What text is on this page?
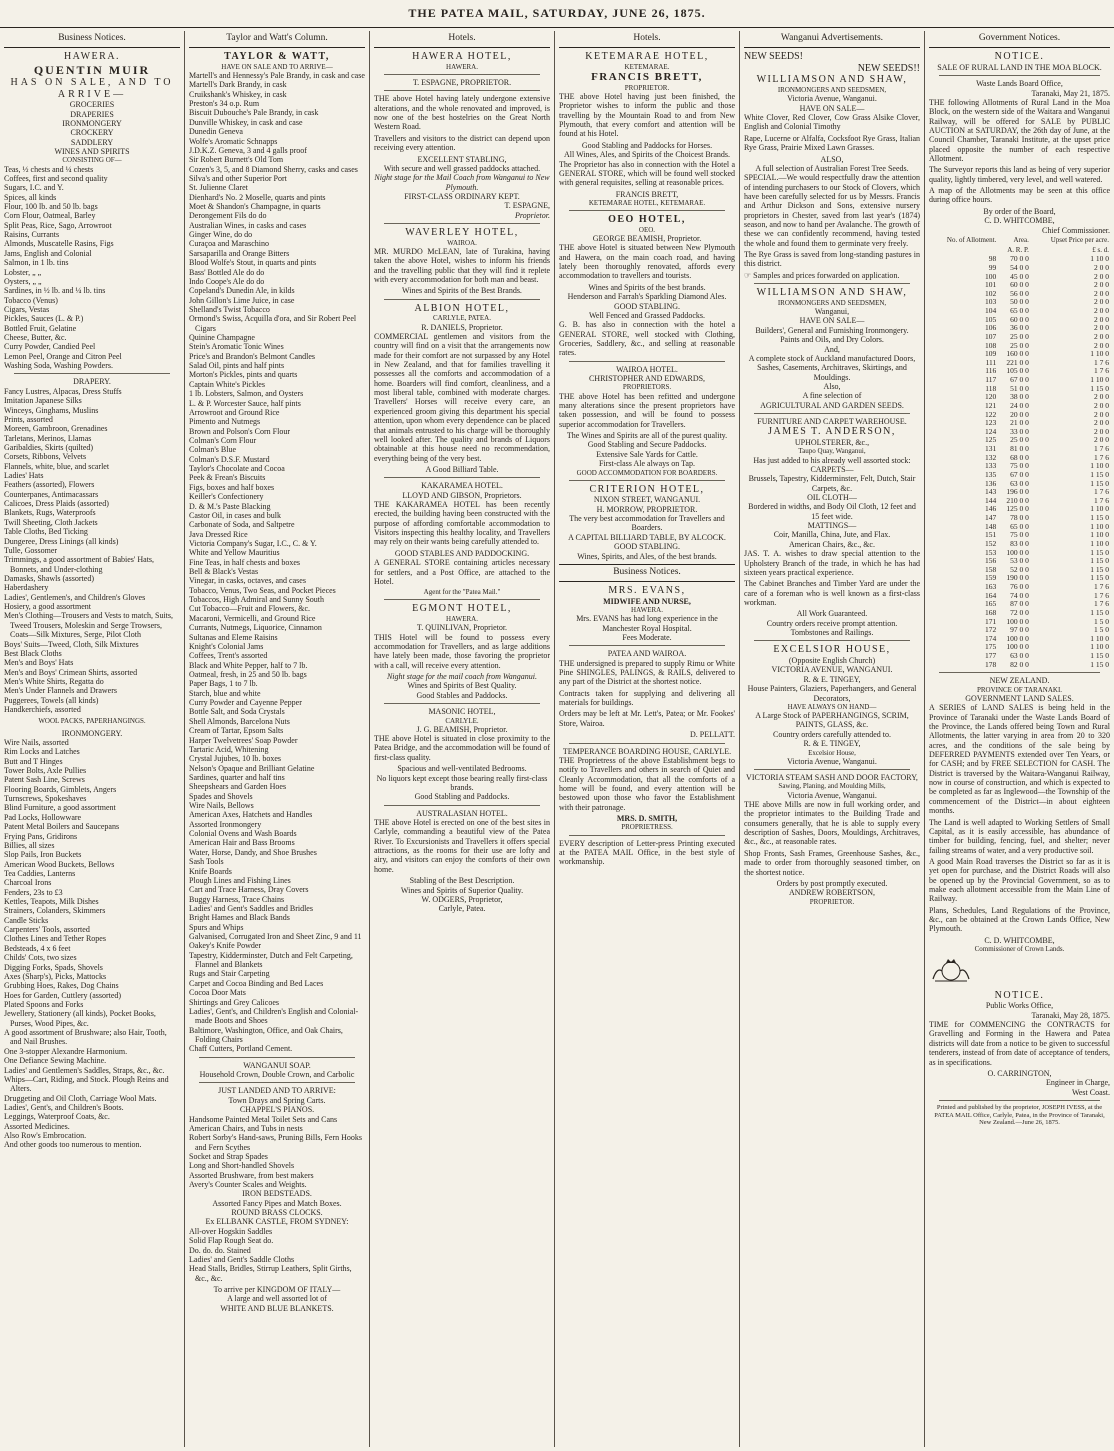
THE PATEA MAIL, SATURDAY, JUNE 26, 1875.
Business Notices.
HAWERA.
QUENTIN MUIR
HAS ON SALE, AND TO ARRIVE—
GROCERIES
DRAPERIES
IRONMONGERY
CROCKERY
SADDLERY
WINES AND SPIRITS
CONSISTING OF—
Teas, ½ chests and ¼ chests
Coffees, first and second quality
Sugars, I.C. and Y.
Spices, all kinds
Flour, 100 lb. and 50 lb. bags
Corn Flour, Oatmeal, Barley
Split Peas, Rice, Sago, Arrowroot
Raisins, Currants
Almonds, Muscatelle Rasins, Figs
Jams, English and Colonial
Salmon, in 1 lb. tins
Lobster, „ „
Oysters, „ „
Sardines, in ½ lb. and ¼ lb. tins
Tobacco (Venus)
Cigars, Vestas
Pickles, Sauces (L. & P.)
Bottled Fruit, Gelatine
Cheese, Butter, &c.
Curry Powder, Candied Peel
Lemon Peel, Orange and Citron Peel
Washing Soda, Washing Powders.
DRAPERY.
Fancy Lustres, Alpacas, Dress Stuffs
Imitation Japanese Silks
Winceys, Ginghams, Muslins
Prints, assorted
Moreen, Gambroon, Grenadines
Tarletans, Merinos, Llamas
Garibaldies, Skirts (quilted)
Corsets, Ribbons, Velvets
Flannels, white, blue, and scarlet
Ladies' Hats
Feathers (assorted), Flowers
Counterpanes, Antimacassars
Calicoes, Dress Plaids (assorted)
Blankets, Rugs, Waterproofs
Twill Sheeting, Cloth Jackets
Table Cloths, Bed Ticking
Dungeree, Dress Linings (all kinds)
Tulle, Gossomer
Trimmings, a good assortment of Babies' Hats, Bonnets, and Under-clothing
Damasks, Shawls (assorted)
Haberdashery
Ladies', Gentlemen's, and Children's Gloves
Hosiery, a good assortment
Men's Clothing—Trousers and Vests to match, Suits, Tweed Trousers, Moleskin and Serge Trowsers, Coats—Silk Mixtures, Serge, Pilot Cloth
Boys' Suits—Tweed, Cloth, Silk Mixtures
Best Black Cloths
Men's and Boys' Hats
Men's and Boys' Crimean Shirts, assorted
Men's White Shirts, Regatta do
Men's Under Flannels and Drawers
Puggerees, Towels (all kinds)
Handkerchiefs, assorted
WOOL PACKS, PAPERHANGINGS.
IRONMONGERY.
Wire Nails, assorted
Rim Locks and Latches
Butt and T Hinges
Tower Bolts, Axle Pullies
Patent Sash Line, Screws
Flooring Boards, Gimblets, Angers
Turnscrews, Spokeshaves
Blind Furniture, a good assortment
Pad Locks, Hollowware
Patent Metal Boilers and Saucepans
Frying Pans, Gridirons
Billies, all sizes
Slop Pails, Iron Buckets
American Wood Buckets, Bellows
Tea Caddies, Lanterns
Charcoal Irons
Fenders, 23s to £3
Kettles, Teapots, Milk Dishes
Strainers, Colanders, Skimmers
Candle Sticks
Carpenters' Tools, assorted
Clothes Lines and Tether Ropes
Bedsteads, 4 x 6 feet
Childs' Cots, two sizes
Digging Forks, Spads, Shovels
Axes (Sharp's), Picks, Mattocks
Grubbing Hoes, Rakes, Dog Chains
Hoes for Garden, Cuttlery (assorted)
Plated Spoons and Forks
Jewellery, Stationery (all kinds), Pocket Books, Purses, Wood Pipes, &c.
A good assortment of Brushware; also Hair, Tooth, and Nail Brushes.
One 3-stopper Alexandre Harmonium.
One Defiance Sewing Machine.
Ladies' and Gentlemen's Saddles, Straps, &c., &c.
Whips—Cart, Riding, and Stock. Plough Reins and Alters.
Druggeting and Oil Cloth, Carriage Wool Mats.
Ladies', Gent's, and Children's Boots.
Leggings, Waterproof Coats, &c.
Assorted Medicines.
Also Row's Embrocation.
And other goods too numerous to mention.
Taylor and Watt's Column.
TAYLOR & WATT,
HAVE ON SALE AND TO ARRIVE—
Martell's and Hennessy's Pale Brandy, in cask and case
Martell's Dark Brandy, in cask
Cruikshank's Whiskey, in cask
Preston's 34 o.p. Rum
Biscuit Dubouche's Pale Brandy, in cask
Dunville Whiskey, in cask and case
Dunedin Geneva
Wolfe's Aromatic Schnapps
J.D.K.Z. Geneva, 3 and 4 galls proof
Sir Robert Burnett's Old Tom
Cozen's 3, 5, and 8 Diamond Sherry, casks and cases
Silva's and other Superior Port
St. Julienne Claret
Dienhard's No. 2 Moselle, quarts and pints
Moet & Shandon's Champagne, in quarts
Derongement Fils do do
Australian Wines, in casks and cases
Ginger Wine, do do
Curaçoa and Maraschino
Sarsaparilla and Orange Bitters
Blood Wolfe's Stout, in quarts and pints
Bass' Bottled Ale do do
Indo Coope's Ale do do
Copeland's Dunedin Ale, in kilds
John Gillon's Lime Juice, in case
Shelland's Twist Tobacco
Ormond's Swiss, Acquilla d'ora, and Sir Robert Peel Cigars
Quinine Champagne
Stein's Aromatic Tonic Wines
Price's and Brandon's Belmont Candles
Salad Oil, pints and half pints
Morton's Pickles, pints and quarts
Captain White's Pickles
1 lb. Lobsters, Salmon, and Oysters
L. & P. Worcester Sauce, half pints
Arrowroot and Ground Rice
Pimento and Nutmegs
Brown and Polson's Corn Flour
Colman's Corn Flour
Colman's Blue
Colman's D.S.F. Mustard
Taylor's Chocolate and Cocoa
Peek & Frean's Biscuits
Figs, boxes and half boxes
Keiller's Confectionery
D. & M.'s Paste Blacking
Castor Oil, in cases and bulk
Carbonate of Soda, and Saltpetre
Java Dressed Rice
Victoria Company's Sugar, I.C., C. & Y.
White and Yellow Mauritius
Fine Teas, in half chests and boxes
Bell & Black's Vestas
Vinegar, in casks, octaves, and cases
Tobacco, Venus, Two Seas, and Pocket Pieces
Tobaccos, High Admiral and Sunny South
Cut Tobacco—Fruit and Flowers, &c.
Macaroni, Vermicelli, and Ground Rice
Currants, Nutmegs, Liquorice, Cinnamon
Sultanas and Eleme Raisins
Knight's Colonial Jams
Coffees, Trent's assorted
Black and White Pepper, half to 7 lb.
Oatmeal, fresh, in 25 and 50 lb. bags
Paper Bags, 1 to 7 lb.
Starch, blue and white
Curry Powder and Cayenne Pepper
Bottle Salt, and Soda Crystals
Shell Almonds, Barcelona Nuts
Cream of Tartar, Epsom Salts
Harper Twelvetrees' Soap Powder
Tartaric Acid, Whitening
Crystal Jujubes, 10 lb. boxes
Nelson's Opaque and Brilliant Gelatine
Sardines, quarter and half tins
Sheepshears and Garden Hoes
Spades and Shovels
Wire Nails, Bellows
American Axes, Hatchets and Handles
Assorted Ironmongery
Colonial Ovens and Wash Boards
American Hair and Bass Brooms
Water, Horse, Dandy, and Shoe Brushes
Sash Tools
Knife Boards
Plough Lines and Fishing Lines
Cart and Trace Harness, Dray Covers
Buggy Harness, Trace Chains
Ladies' and Gent's Saddles and Bridles
Bright Hames and Black Bands
Spurs and Whips
Galvanised, Corrugated Iron and Sheet Zinc, 9 and 11
Oakey's Knife Powder
Tapestry, Kidderminster, Dutch and Felt Carpeting, Flannel and Blankets
Rugs and Stair Carpeting
Carpet and Cocoa Binding and Bed Laces
Cocoa Door Mats
Shirtings and Grey Calicoes
Ladies', Gent's, and Children's English and Colonial-made Boots and Shoes
Baltimore, Washington, Office, and Oak Chairs, Folding Chairs
Chaff Cutters, Portland Cement.
WANGANUI SOAP.
Household Crown, Double Crown, and Carbolic
JUST LANDED AND TO ARRIVE:
Town Drays and Spring Carts.
CHAPPEL'S PIANOS.
Handsome Painted Metal Toilet Sets and Cans
American Chairs, and Tubs in nests
Robert Sorby's Hand-saws, Pruning Bills, Fern Hooks and Fern Scythes
Socket and Strap Spades
Long and Short-handled Shovels
Assorted Brushware, from best makers
Avery's Counter Scales and Weights.
IRON BEDSTEADS.
Assorted Fancy Pipes and Match Boxes.
ROUND BRASS CLOCKS.
Ex ELLBANK CASTLE, FROM SYDNEY:
All-over Hogskin Saddles
Solid Flap Rough Seat do.
Do. do. do. Stained
Ladies' and Gent's Saddle Cloths
Head Stalls, Bridles, Stirrup Leathers, Split Girths, &c., &c.
To arrive per KINGDOM OF ITALY—
A large and well assorted lot of
WHITE AND BLUE BLANKETS.
Hotels.
HAWERA HOTEL,
HAWERA.
T. ESPAGNE, PROPRIETOR.

THE above Hotel having lately undergone extensive alterations, and the whole renovated and improved, is now one of the best hostelries on the Great North Western Road.

Travellers and visitors to the district can depend upon receiving every attention.

EXCELLENT STABLING,
With secure and well grassed paddocks attached.
Night stage for the Mail Coach from Wanganui to New Plymouth.
FIRST-CLASS ORDINARY KEPT.
T. ESPAGNE,
Proprietor.
WAVERLEY HOTEL,
WAIROA.

MR. MURDO McLEAN, late of Turakina, having taken the above Hotel, wishes to inform his friends and the travelling public that they will find it replete with every accommodation for both man and beast.

Wines and Spirits of the Best Brands.
ALBION HOTEL,
CARLYLE, PATEA.
R. DANIELS, Proprietor.

COMMERCIAL gentlemen and visitors from the country will find on a visit that the arrangements now made for their comfort are not surpassed by any Hotel in New Zealand, and that for families travelling it possesses all the comforts and accommodation of a home. Boarders will find comfort, cleanliness, and a most liberal table, combined with moderate charges. Travellers' Horses will receive every care, an experienced groom giving this department his special attention, upon whom every dependence can be placed that animals entrusted to his charge will be thoroughly well looked after. The quality and brands of Liquors obtainable at this house need no recommendation, everything being of the very best.

A Good Billiard Table.
KAKARAMEA HOTEL.
LLOYD AND GIBSON, Proprietors.

THE KAKARAMEA HOTEL has been recently erected, the building having been constructed with the purpose of affording comfortable accommodation to Visitors inspecting this healthy locality, and Travellers may rely on their wants being carefully attended to.

GOOD STABLES AND PADDOCKING.

A GENERAL STORE containing articles necessary for settlers, and a Post Office, are attached to the Hotel.

Agent for the "Patea Mail."
EGMONT HOTEL,
HAWERA.
T. QUINLIVAN, Proprietor.

THIS Hotel will be found to possess every accommodation for Travellers, and as large additions have lately been made, those favoring the proprietor with a call, will receive every attention.

Night stage for the mail coach from Wanganui.
Wines and Spirits of Best Quality.
Good Stables and Paddocks.
MASONIC HOTEL,
CARLYLE.
J. G. BEAMISH, Proprietor.

THE above Hotel is situated in close proximity to the Patea Bridge, and the accommodation will be found of first-class quality.

Spacious and well-ventilated Bedrooms.
No liquors kept except those bearing really first-class brands.
Good Stabling and Paddocks.
AUSTRALASIAN HOTEL.

THE above Hotel is erected on one of the best sites in Carlyle, commanding a beautiful view of the Patea River. To Excursionists and Travellers it offers special attractions, as the rooms for their use are lofty and airy, and visitors can enjoy the comforts of their own home.

Stabling of the Best Description.
Wines and Spirits of Superior Quality.
W. ODGERS, Proprietor,
Carlyle, Patea.
Hotels.
KETEMARAE HOTEL,
KETEMARAE.
FRANCIS BRETT,
PROPRIETOR.

THE above Hotel having just been finished, the Proprietor wishes to inform the public and those travelling by the Mountain Road to and from New Plymouth, that every comfort and attention will be found at his Hotel.

Good Stabling and Paddocks for Horses.
All Wines, Ales, and Spirits of the Choicest Brands.

The Proprietor has also in connection with the Hotel a GENERAL STORE, which will be found well stocked with general requisites, selling at reasonable prices.

FRANCIS BRETT,
KETEMARAE HOTEL, KETEMARAE.
OEO HOTEL,
OEO.
GEORGE BEAMISH, Proprietor.

THE above Hotel is situated between New Plymouth and Hawera, on the main coach road, and having lately been thoroughly renovated, affords every accommodation to travellers and tourists.

Wines and Spirits of the best brands.
Henderson and Farrah's Sparkling Diamond Ales.
GOOD STABLING.
Well Fenced and Grassed Paddocks.

G. B. has also in connection with the hotel a GENERAL STORE, well stocked with Clothing, Groceries, Saddlery, &c., and selling at reasonable rates.

WAIROA HOTEL.
CHRISTOPHER AND EDWARDS,
PROPRIETORS.

THE above Hotel has been refitted and undergone many alterations since the present proprietors have taken possession, and will be found to possess superior accommodation for Travellers.

The Wines and Spirits are all of the purest quality.
Good Stabling and Secure Paddocks.
Extensive Sale Yards for Cattle.
First-class Ale always on Tap.
GOOD ACCOMMODATION FOR BOARDERS.
CRITERION HOTEL,
NIXON STREET, WANGANUI.
H. MORROW, PROPRIETOR.
The very best accommodation for Travellers and Boarders.
A CAPITAL BILLIARD TABLE, BY ALCOCK.
GOOD STABLING.
Wines, Spirits, and Ales, of the best brands.
Business Notices.
MRS. EVANS,
MIDWIFE AND NURSE,
HAWERA.
Mrs. EVANS has had long experience in the Manchester Royal Hospital.
Fees Moderate.
PATEA AND WAIROA.

THE undersigned is prepared to supply Rimu or White Pine SHINGLES, PALINGS, & RAILS, delivered to any part of the District at the shortest notice.

Contracts taken for supplying and delivering all materials for buildings.

Orders may be left at Mr. Lett's, Patea; or Mr. Fookes' Store, Wairoa.

D. PELLATT.
TEMPERANCE BOARDING HOUSE, CARLYLE.

THE Proprietress of the above Establishment begs to notify to Travellers and others in search of Quiet and Cleanly Accommodation, that all the comforts of a home will be found, and every attention will be bestowed upon those who favor the Establishment with their patronage.

MRS. D. SMITH,
PROPRIETRESS.

EVERY description of Letter-press Printing executed at the PATEA MAIL Office, in the best style of workmanship.

Wanganui Advertisements.
NEW SEEDS!
NEW SEEDS!!
WILLIAMSON AND SHAW,
IRONMONGERS AND SEEDSMEN,
Victoria Avenue, Wanganui.
HAVE ON SALE—

White Clover, Red Clover, Cow Grass Alsike Clover, English and Colonial Timothy

Rape, Lucerne or Alfalfa, Cocksfoot Rye Grass, Italian Rye Grass, Prairie Mixed Lawn Grasses.

ALSO,
A full selection of Australian Forest Tree Seeds.

SPECIAL.—We would respectfully draw the attention of intending purchasers to our Stock of Clovers, which have been carefully selected for us by Messrs. Francis and Arthur Dickson and Sons, extensive nursery proprietors in Chester, saved from last year's (1874) season, and now to hand per Avalanche. The growth of these we can confidently recommend, having tested the whole and found them to germinate very freely.

The Rye Grass is saved from long-standing pastures in this district.

☞ Samples and prices forwarded on application.

WILLIAMSON AND SHAW,
IRONMONGERS AND SEEDSMEN,
Wanganui,
HAVE ON SALE—
Builders', General and Furnishing Ironmongery.
Paints and Oils, and Dry Colors.
And,
A complete stock of Auckland manufactured Doors, Sashes, Casements, Architraves, Skirtings, and Mouldings.
Also,
A fine selection of
AGRICULTURAL AND GARDEN SEEDS.
FURNITURE AND CARPET WAREHOUSE.
JAMES T. ANDERSON,
UPHOLSTERER, &c.,
Taupo Quay, Wanganui,
Has just added to his already well assorted stock:
CARPETS—
Brussels, Tapestry, Kidderminster, Felt, Dutch, Stair Carpets, &c.
OIL CLOTH—
Bordered in widths, and Body Oil Cloth, 12 feet and 15 feet wide.
MATTINGS—
Coir, Manilla, China, Jute, and Flax.
American Chairs, &c., &c.

JAS. T. A. wishes to draw special attention to the Upholstery Branch of the trade, in which he has had sixteen years practical experience.

The Cabinet Branches and Timber Yard are under the care of a foreman who is well known as a first-class workman.

All Work Guaranteed.
Country orders receive prompt attention.
Tombstones and Railings.
EXCELSIOR HOUSE,
(Opposite English Church)
VICTORIA AVENUE, WANGANUI.
R. & E. TINGEY,
House Painters, Glaziers, Paperhangers, and General Decorators,
HAVE ALWAYS ON HAND—
A Large Stock of PAPERHANGINGS, SCRIM, PAINTS, GLASS, &c.
Country orders carefully attended to.
R. & E. TINGEY,
Excelsior House,
Victoria Avenue, Wanganui.
VICTORIA STEAM SASH AND DOOR FACTORY,
Sawing, Planing, and Moulding Mills,
Victoria Avenue, Wanganui.

THE above Mills are now in full working order, and the proprietor intimates to the Building Trade and consumers generally, that he is able to supply every description of Sashes, Doors, Mouldings, Architraves, &c., &c., at reasonable rates.

Shop Fronts, Sash Frames, Greenhouse Sashes, &c., made to order from thoroughly seasoned timber, on the shortest notice.

Orders by post promptly executed.
ANDREW ROBERTSON,
PROPRIETOR.
Government Notices.
NOTICE.
SALE OF RURAL LAND IN THE MOA BLOCK.
Waste Lands Board Office,
Taranaki, May 21, 1875.

THE following Allotments of Rural Land in the Moa Block, on the western side of the Waitara and Wanganui Railway, will be offered for SALE by PUBLIC AUCTION at SATURDAY, the 26th day of June, at the Council Chamber, Taranaki Institute, at the upset price placed opposite the number of each respective Allotment.

The Surveyor reports this land as being of very superior quality, lightly timbered, very level, and well watered.

A map of the Allotments may be seen at this office during office hours.

By order of the Board,
C. D. WHITCOMBE,
Chief Commissioner.
No. of Allotment.	Area.	Upset Price per acre.
	A. R. P.	£ s. d.
98	70 0 0	1 10 0
99	54 0 0	2 0 0
100	45 0 0	2 0 0
101	60 0 0	2 0 0
102	56 0 0	2 0 0
103	50 0 0	2 0 0
104	65 0 0	2 0 0
105	60 0 0	2 0 0
106	36 0 0	2 0 0
107	25 0 0	2 0 0
108	25 0 0	2 0 0
109	160 0 0	1 10 0
111	221 0 0	1 7 6
116	105 0 0	1 7 6
117	67 0 0	1 10 0
118	51 0 0	1 15 0
120	38 0 0	2 0 0
121	24 0 0	2 0 0
122	20 0 0	2 0 0
123	21 0 0	2 0 0
124	33 0 0	2 0 0
125	25 0 0	2 0 0
131	81 0 0	1 7 6
132	68 0 0	1 7 6
133	75 0 0	1 10 0
135	67 0 0	1 15 0
136	63 0 0	1 15 0
143	196 0 0	1 7 6
144	210 0 0	1 7 6
146	125 0 0	1 10 0
147	78 0 0	1 15 0
148	65 0 0	1 10 0
151	75 0 0	1 10 0
152	83 0 0	1 10 0
153	100 0 0	1 15 0
156	53 0 0	1 15 0
158	52 0 0	1 15 0
159	190 0 0	1 15 0
163	76 0 0	1 7 6
164	74 0 0	1 7 6
165	87 0 0	1 7 6
168	72 0 0	1 15 0
171	100 0 0	1 5 0
172	97 0 0	1 5 0
174	100 0 0	1 10 0
175	100 0 0	1 10 0
177	63 0 0	1 15 0
178	82 0 0	1 15 0
NEW ZEALAND.
PROVINCE OF TARANAKI.
GOVERNMENT LAND SALES.

A SERIES of LAND SALES is being held in the Province of Taranaki under the Waste Lands Board of the Province, the Lands offered being Town and Rural Allotments, the latter varying in area from 20 to 320 acres, and the conditions of the sale being by DEFERRED PAYMENTS extended over Ten Years, or for CASH; and by FREE SELECTION for CASH. The District is traversed by the Waitara-Wanganui Railway, now in course of construction, and which is expected to be completed as far as Inglewood—the Township of the commencement of the District—in about eighteen months.

The Land is well adapted to Working Settlers of Small Capital, as it is easily accessible, has abundance of timber for building, fencing, fuel, and shelter; never failing streams of water, and a very productive soil.

A good Main Road traverses the District so far as it is yet open for purchase, and the District Roads will also be opened up by the Provincial Government, so as to make each allotment accessible from the Main Line of Railway.

Plans, Schedules, Land Regulations of the Province, &c., can be obtained at the Crown Lands Office, New Plymouth.

C. D. WHITCOMBE,
Commissioner of Crown Lands.
NOTICE.
Public Works Office,
Taranaki, May 28, 1875.

TIME for COMMENCING the CONTRACTS for Gravelling and Forming in the Hawera and Patea districts will date from a notice to be given to successful tenderers, instead of from date of acceptance of tenders, as in specifications.

O. CARRINGTON,
Engineer in Charge,
West Coast.
Printed and published by the proprietor, JOSEPH IVESS, at the PATEA MAIL Office, Carlyle, Patea, in the Province of Taranaki, New Zealand.—June 26, 1875.
